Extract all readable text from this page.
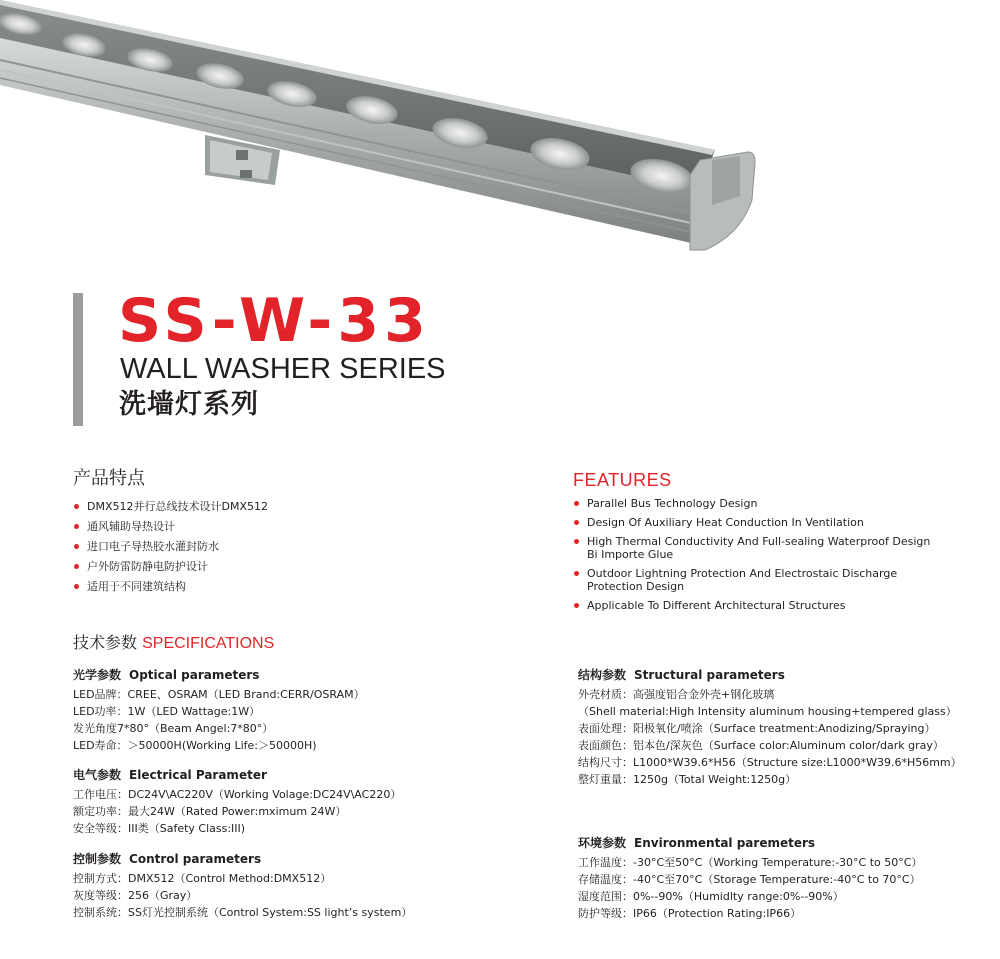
SS-W-33
WALL WASHER SERIES
洗墙灯系列
产品特点
DMX512并行总线技术设计DMX512
通风辅助导热设计
进口电子导热胶水灌封防水
户外防雷防静电防护设计
适用于不同建筑结构
FEATURES
Parallel Bus Technology Design
Design Of Auxiliary Heat Conduction In Ventilation
High Thermal Conductivity And Full-sealing Waterproof Design Bi Importe Glue
Outdoor Lightning Protection And Electrostaic Discharge Protection Design
Applicable To Different Architectural Structures
技术参数 SPECIFICATIONS
光学参数 Optical parameters
LED品牌：CREE、OSRAM（LED Brand:CERR/OSRAM）
LED功率：1W（LED Wattage:1W）
发光角度7*80°（Beam Angel:7*80°）
LED寿命：＞50000H(Working Life:＞50000H)
电气参数 Electrical Parameter
工作电压：DC24V\AC220V（Working Volage:DC24V\AC220）
额定功率：最大24W（Rated Power:mximum 24W）
安全等级：III类（Safety Class:III)
控制参数 Control parameters
控制方式：DMX512（Control Method:DMX512）
灰度等级：256（Gray）
控制系统：SS灯光控制系统（Control System:SS light’s system）
结构参数 Structural parameters
外壳材质：高强度铝合金外壳+钢化玻璃
（Shell material:High Intensity aluminum housing+tempered glass）
表面处理：阳极氧化/喷涂（Surface treatment:Anodizing/Spraying）
表面颜色：铝本色/深灰色（Surface color:Aluminum color/dark gray）
结构尺寸：L1000*W39.6*H56（Structure size:L1000*W39.6*H56mm）
整灯重量：1250g（Total Weight:1250g）
环境参数 Environmental paremeters
工作温度：-30°C至50°C（Working Temperature:-30°C to 50°C）
存储温度：-40°C至70°C（Storage Temperature:-40°C to 70°C）
湿度范围：0%--90%（Humidlty range:0%--90%）
防护等级：IP66（Protection Rating:IP66）
